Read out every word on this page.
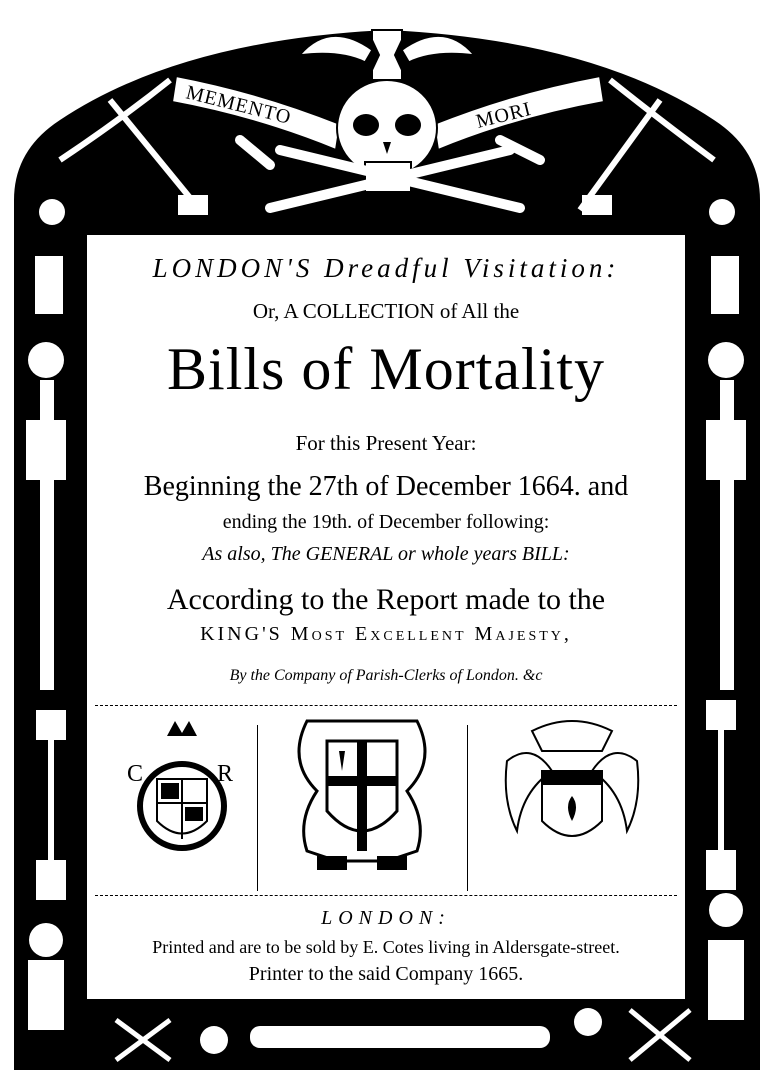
MEMENTO	MORI
LONDON'S Dreadful Visitation:
Or, A COLLECTION of All the
Bills of Mortality
For this Present Year:
Beginning the 27th of December 1664. and
ending the 19th. of December following:
As also, The GENERAL or whole years BILL:
According to the Report made to the
KING'S Most Excellent Majesty,
By the Company of Parish-Clerks of London. &c
C	R
LONDON:
Printed and are to be sold by E. Cotes living in Aldersgate-street.
Printer to the said Company 1665.
